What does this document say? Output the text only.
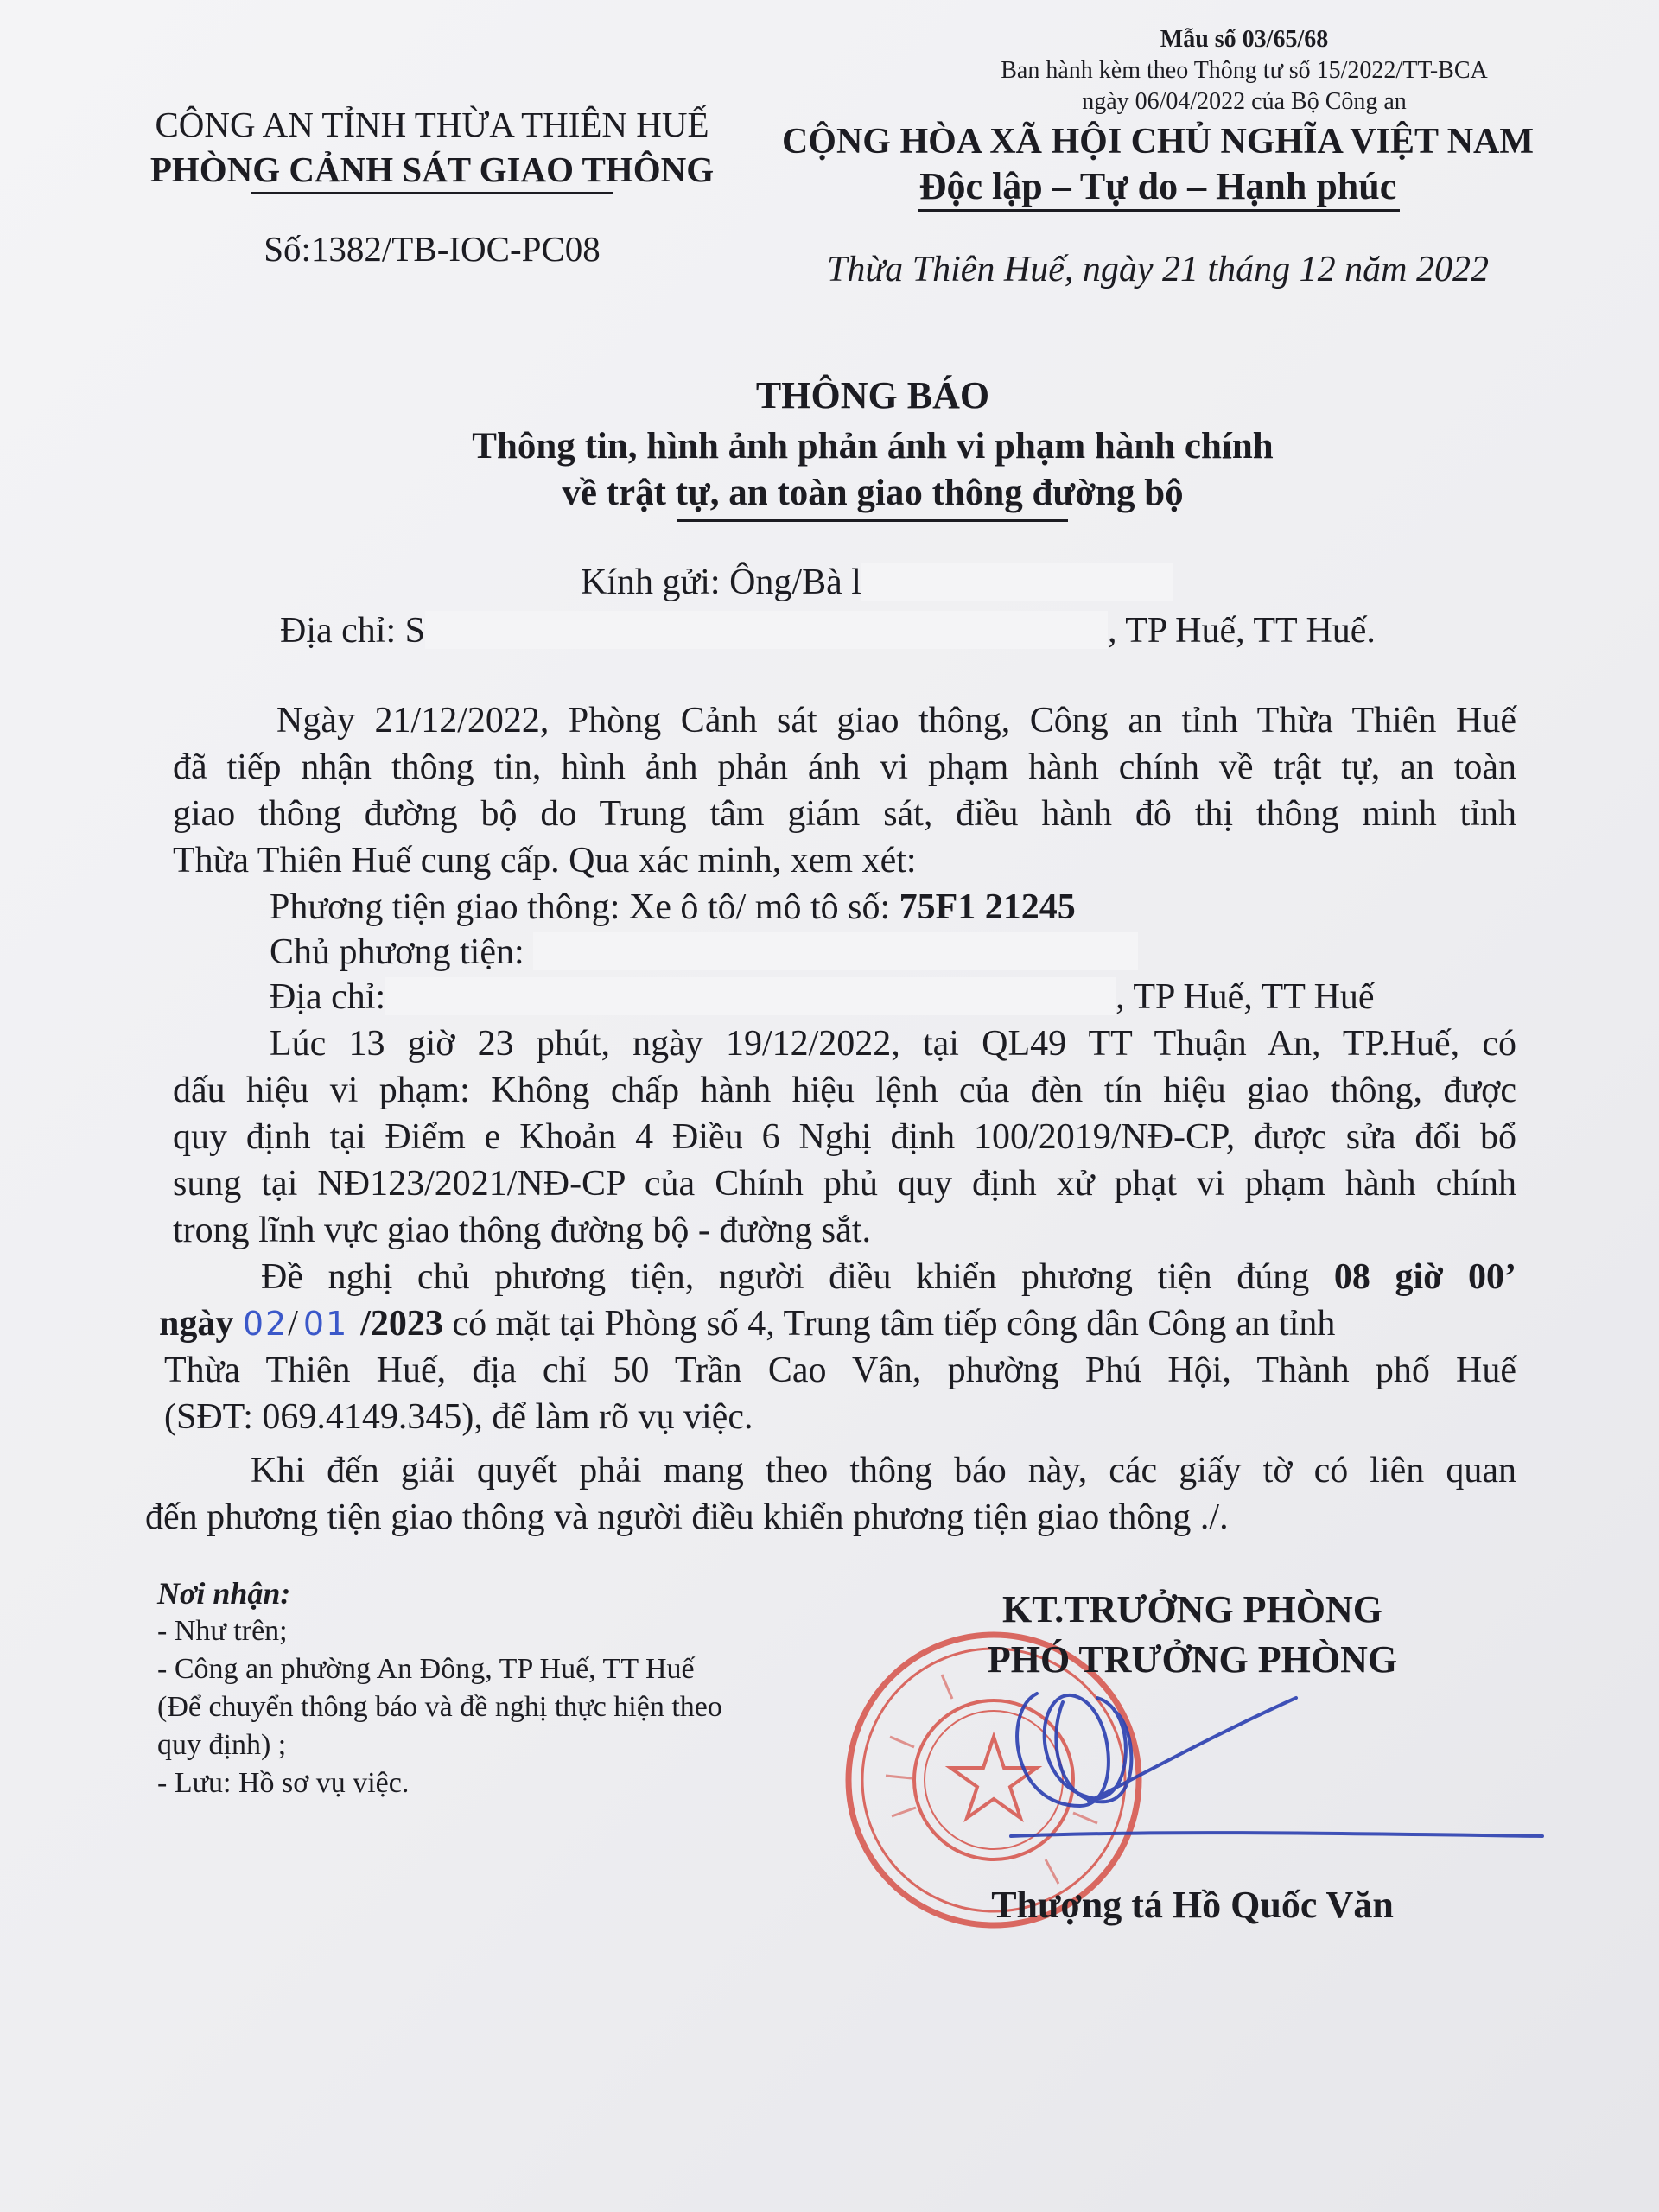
Mẫu số 03/65/68
Ban hành kèm theo Thông tư số 15/2022/TT-BCA
ngày 06/04/2022 của Bộ Công an
CÔNG AN TỈNH THỪA THIÊN HUẾ
PHÒNG CẢNH SÁT GIAO THÔNG
Số:1382/TB-IOC-PC08
CỘNG HÒA XÃ HỘI CHỦ NGHĨA VIỆT NAM
Độc lập – Tự do – Hạnh phúc
Thừa Thiên Huế, ngày 21 tháng 12 năm 2022
THÔNG BÁO
Thông tin, hình ảnh phản ánh vi phạm hành chính
về trật tự, an toàn giao thông đường bộ
Kính gửi: Ông/Bà l
Địa chỉ: S	, TP Huế, TT Huế.
Ngày 21/12/2022, Phòng Cảnh sát giao thông, Công an tỉnh Thừa Thiên Huế
đã tiếp nhận thông tin, hình ảnh phản ánh vi phạm hành chính về trật tự, an toàn
giao thông đường bộ do Trung tâm giám sát, điều hành đô thị thông minh tỉnh
Thừa Thiên Huế cung cấp. Qua xác minh, xem xét:
Phương tiện giao thông: Xe ô tô/ mô tô số: 75F1 21245
Chủ phương tiện:
Địa chỉ:	, TP Huế, TT Huế
Lúc 13 giờ 23 phút, ngày 19/12/2022, tại QL49 TT Thuận An, TP.Huế, có
dấu hiệu vi phạm: Không chấp hành hiệu lệnh của đèn tín hiệu giao thông, được
quy định tại Điểm e Khoản 4 Điều 6 Nghị định 100/2019/NĐ-CP, được sửa đổi bổ
sung tại NĐ123/2021/NĐ-CP của Chính phủ quy định xử phạt vi phạm hành chính
trong lĩnh vực giao thông đường bộ - đường sắt.
Đề nghị chủ phương tiện, người điều khiển phương tiện đúng 08 giờ 00’
ngày 02/ 01 /2023 có mặt tại Phòng số 4, Trung tâm tiếp công dân Công an tỉnh
Thừa Thiên Huế, địa chỉ 50 Trần Cao Vân, phường Phú Hội, Thành phố Huế
(SĐT: 069.4149.345), để làm rõ vụ việc.
Khi đến giải quyết phải mang theo thông báo này, các giấy tờ có liên quan
đến phương tiện giao thông và người điều khiển phương tiện giao thông ./.
Nơi nhận:
- Như trên;
- Công an phường An Đông, TP Huế, TT Huế
(Để chuyển thông báo và đề nghị thực hiện theo
quy định) ;
- Lưu: Hồ sơ vụ việc.
KT.TRƯỞNG PHÒNG
PHÓ TRƯỞNG PHÒNG
Thượng tá Hồ Quốc Văn
